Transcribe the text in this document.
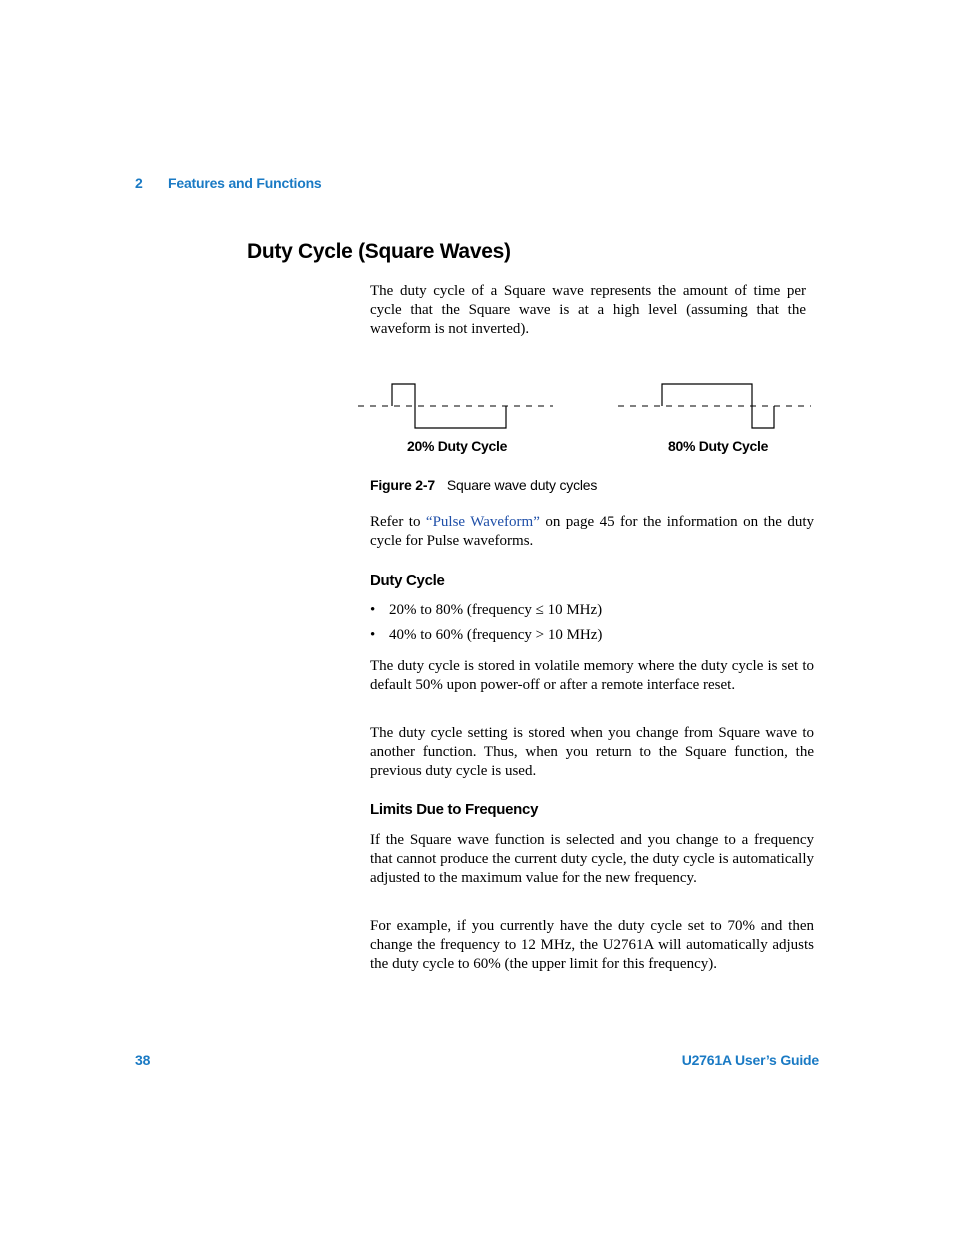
2 Features and Functions
Duty Cycle (Square Waves)

The duty cycle of a Square wave represents the amount of time per cycle that the Square wave is at a high level (assuming that the waveform is not inverted).

20% Duty Cycle	80% Duty Cycle
Figure 2-7 Square wave duty cycles

Refer to “Pulse Waveform” on page 45 for the information on the duty cycle for Pulse waveforms.

Duty Cycle
• 20% to 80% (frequency ≤ 10 MHz)
• 40% to 60% (frequency > 10 MHz)

The duty cycle is stored in volatile memory where the duty cycle is set to default 50% upon power-off or after a remote interface reset.

The duty cycle setting is stored when you change from Square wave to another function. Thus, when you return to the Square function, the previous duty cycle is used.

Limits Due to Frequency

If the Square wave function is selected and you change to a frequency that cannot produce the current duty cycle, the duty cycle is automatically adjusted to the maximum value for the new frequency.

For example, if you currently have the duty cycle set to 70% and then change the frequency to 12 MHz, the U2761A will automatically adjusts the duty cycle to 60% (the upper limit for this frequency).

38	U2761A User’s Guide
